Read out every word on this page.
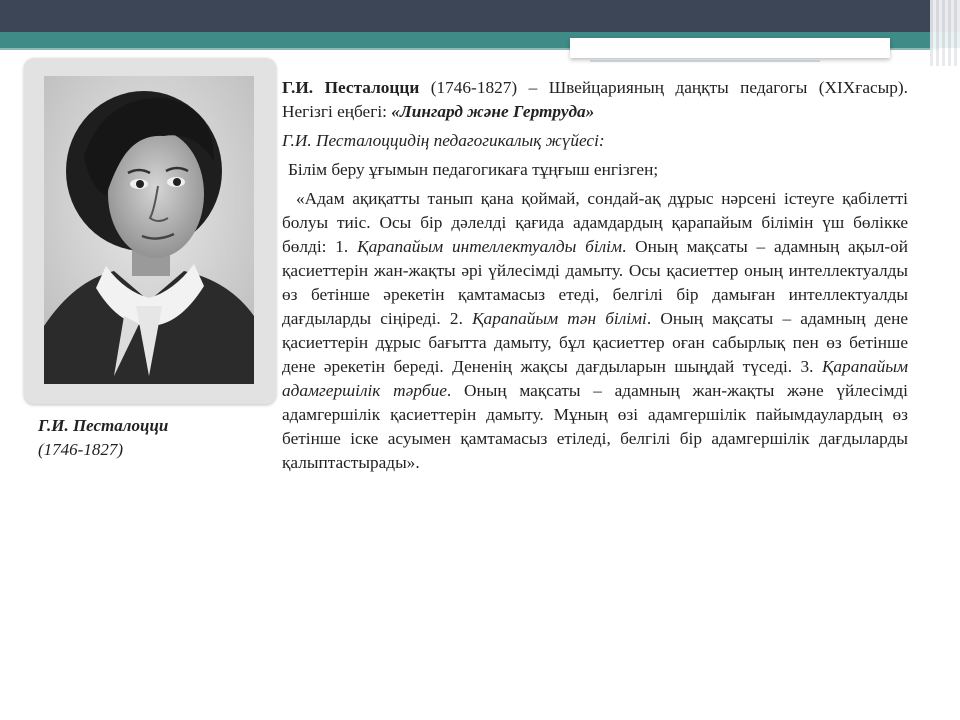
Г.И. Песталоцци
(1746-1827)

Г.И. Песталоцци (1746-1827) – Швейцарияның даңқты педагогы (XIXғасыр). Негізгі еңбегі: «Лингард және Гертруда»

Г.И. Песталоццидің педагогикалық жүйесі:

Білім беру ұғымын педагогикаға тұңғыш енгізген;

«Адам ақиқатты танып қана қоймай, сондай-ақ дұрыс нәрсені істеуге қабілетті болуы тиіс. Осы бір дәлелді қағида адамдардың қарапайым білімін үш бөлікке бөлді: 1. Қарапайым интеллектуалды білім. Оның мақсаты – адамның ақыл-ой қасиеттерін жан-жақты әрі үйлесімді дамыту. Осы қасиеттер оның интеллектуалды өз бетінше әрекетін қамтамасыз етеді, белгілі бір дамыған интеллектуалды дағдыларды сіңіреді. 2. Қарапайым тән білімі. Оның мақсаты – адамның дене қасиеттерін дұрыс бағытта дамыту, бұл қасиеттер оған сабырлық пен өз бетінше дене әрекетін береді. Дененің жақсы дағдыларын шыңдай түседі. 3. Қарапайым адамгершілік тәрбие. Оның мақсаты – адамның жан-жақты және үйлесімді адамгершілік қасиеттерін дамыту. Мұның өзі адамгершілік пайымдаулардың өз бетінше іске асуымен қамтамасыз етіледі, белгілі бір адамгершілік дағдыларды қалыптастырады».
